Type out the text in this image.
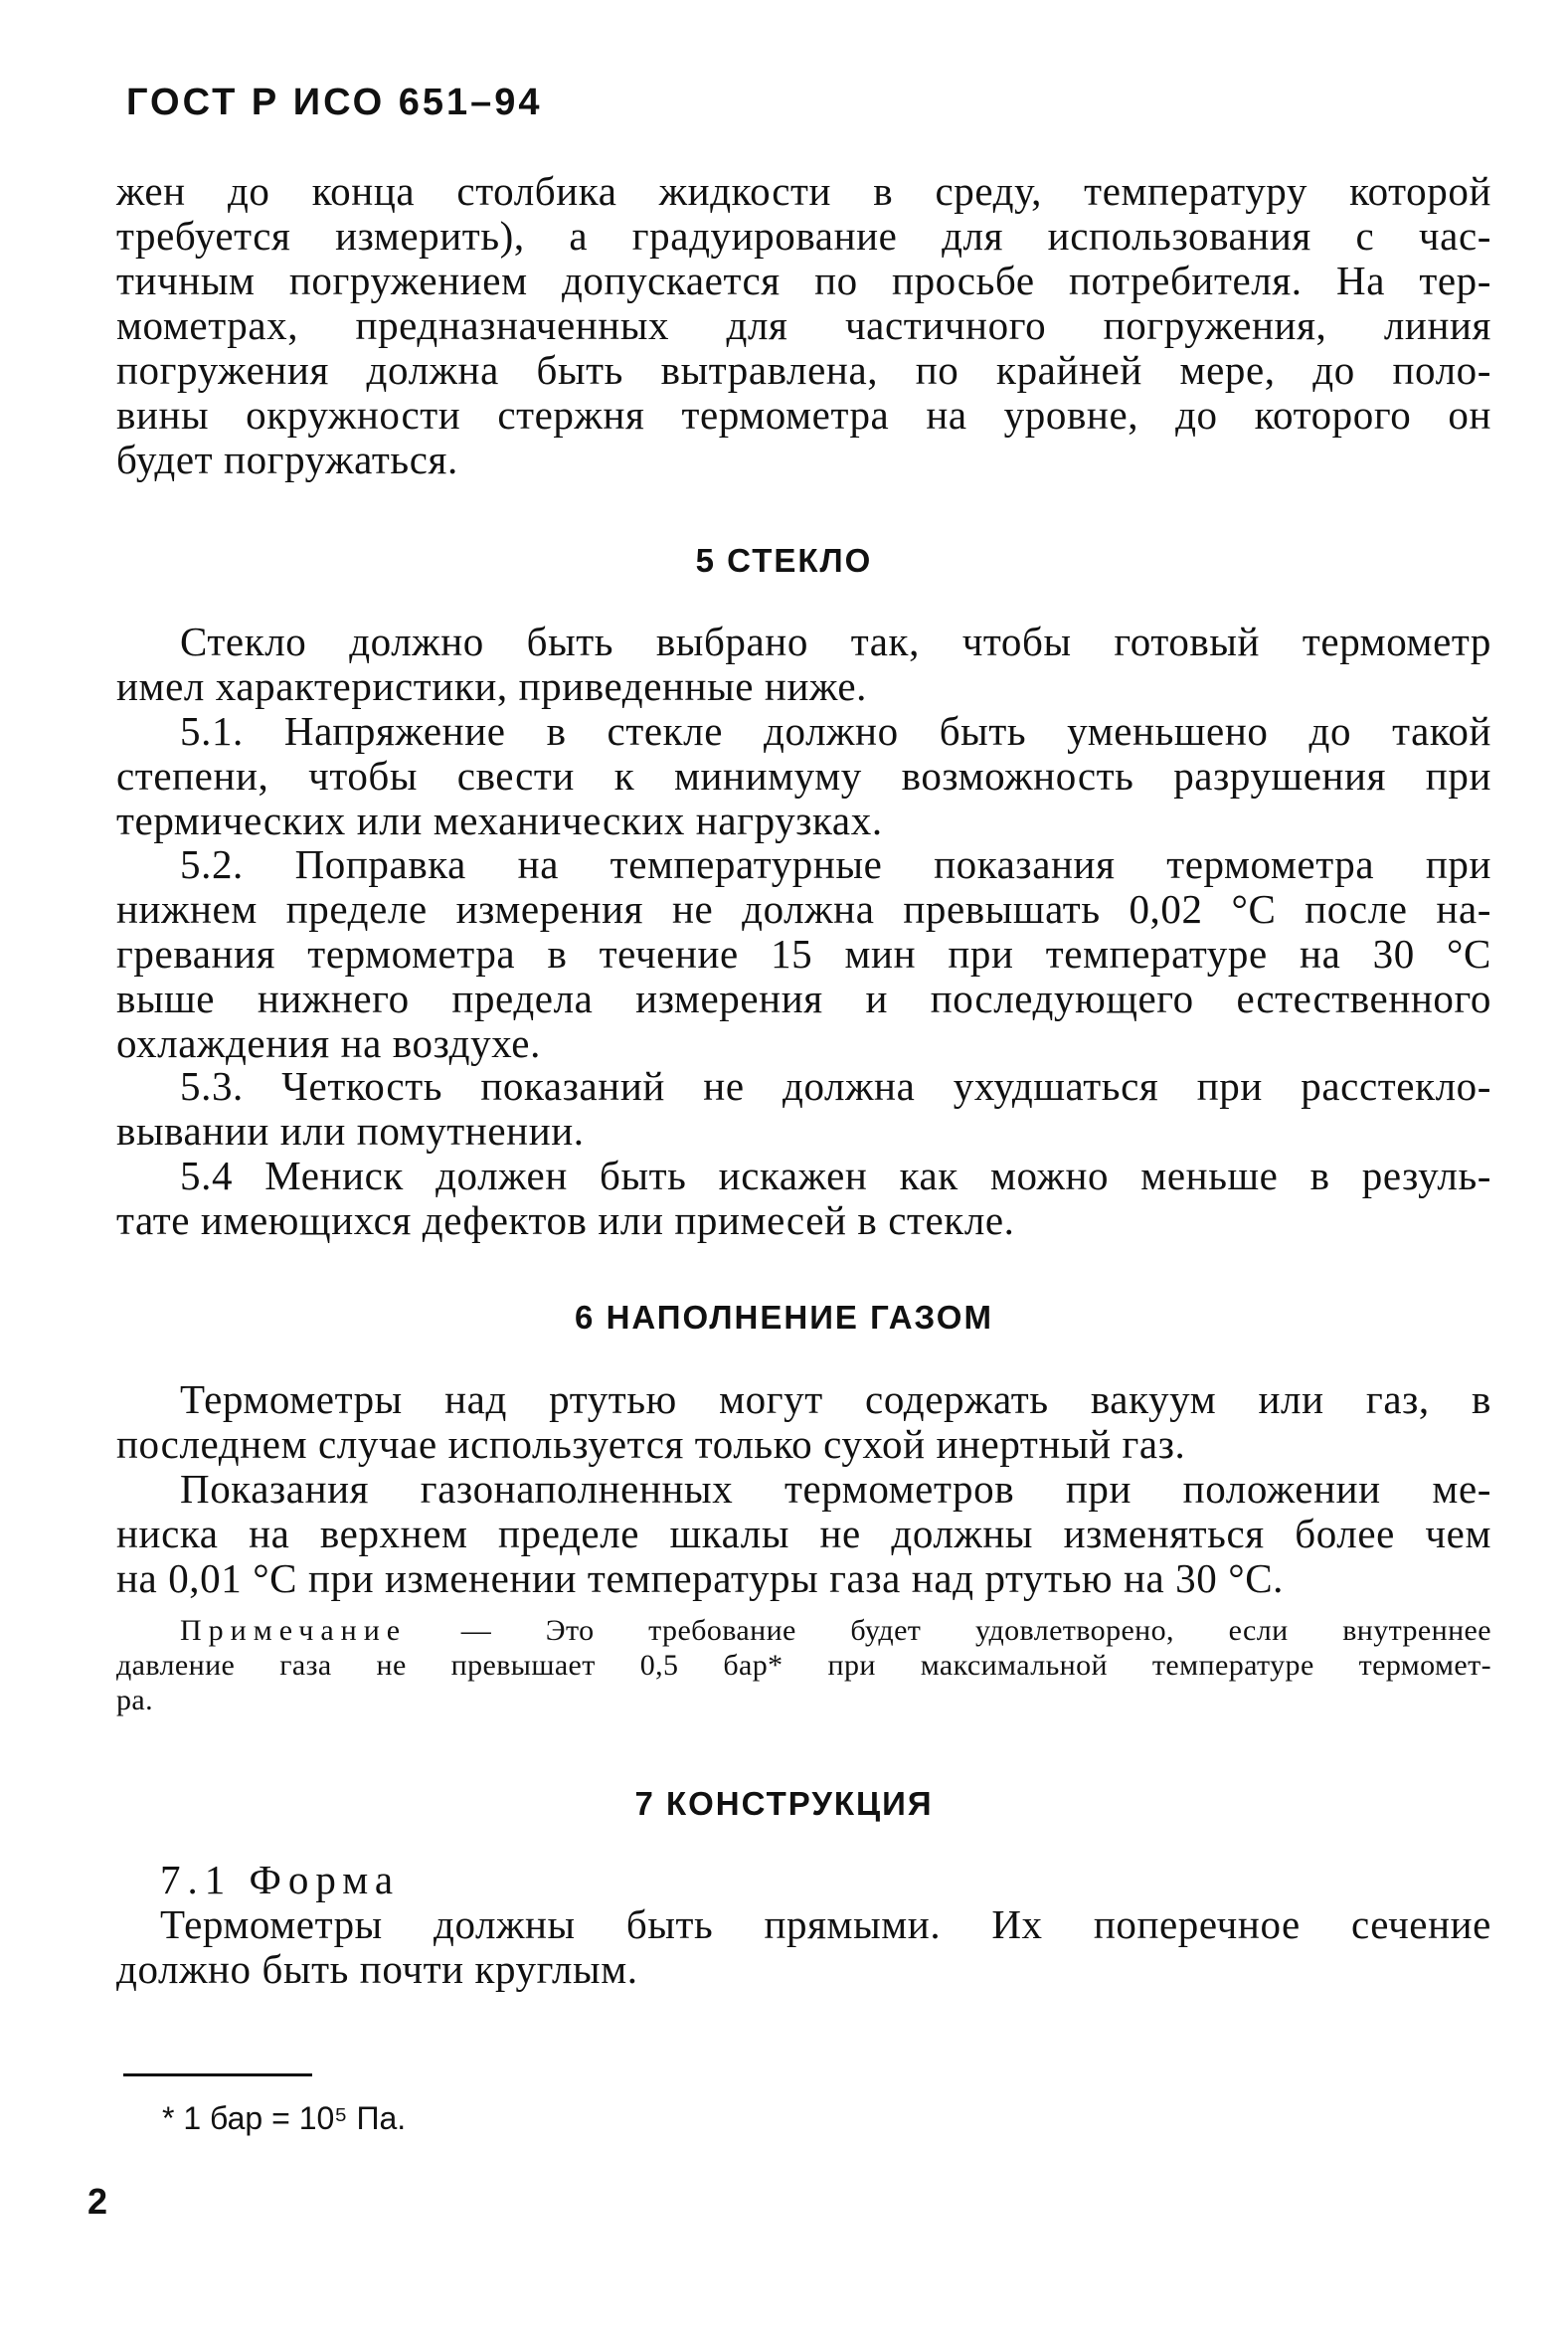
ГОСТ Р ИСО 651–94
жен до конца столбика жидкости в среду, температуру которой
требуется измерить), а градуирование для использования с час-
тичным погружением допускается по просьбе потребителя. На тер-
мометрах, предназначенных для частичного погружения, линия
погружения должна быть вытравлена, по крайней мере, до поло-
вины окружности стержня термометра на уровне, до которого он
будет погружаться.
5 СТЕКЛО
Стекло должно быть выбрано так, чтобы готовый термометр
имел характеристики, приведенные ниже.
5.1. Напряжение в стекле должно быть уменьшено до такой
степени, чтобы свести к минимуму возможность разрушения при
термических или механических нагрузках.
5.2. Поправка на температурные показания термометра при
нижнем пределе измерения не должна превышать 0,02 °С после на-
гревания термометра в течение 15 мин при температуре на 30 °С
выше нижнего предела измерения и последующего естественного
охлаждения на воздухе.
5.3. Четкость показаний не должна ухудшаться при расстекло-
вывании или помутнении.
5.4 Мениск должен быть искажен как можно меньше в резуль-
тате имеющихся дефектов или примесей в стекле.
6 НАПОЛНЕНИЕ ГАЗОМ
Термометры над ртутью могут содержать вакуум или газ, в
последнем случае используется только сухой инертный газ.
Показания газонаполненных термометров при положении ме-
ниска на верхнем пределе шкалы не должны изменяться более чем
на 0,01 °С при изменении температуры газа над ртутью на 30 °С.
Примечание — Это требование будет удовлетворено, если внутреннее
давление газа не превышает 0,5 бар* при максимальной температуре термомет-
ра.
7 КОНСТРУКЦИЯ
7.1 Форма
Термометры должны быть прямыми. Их поперечное сечение
должно быть почти круглым.
* 1 бар = 10⁵ Па.
2
